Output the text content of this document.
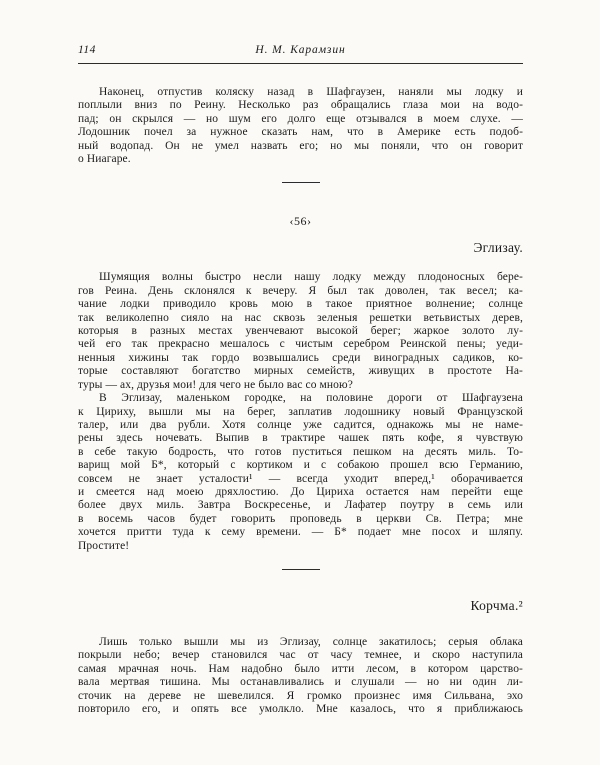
114	Н. М. Карамзин
Наконец, отпустив коляску назад в Шафгаузен, наняли мы лодку и
поплыли вниз по Реину. Несколько раз обращались глаза мои на водо-
пад; он скрылся — но шум его долго еще отзывался в моем слухе. —
Лодошник почел за нужное сказать нам, что в Америке есть подоб-
ный водопад. Он не умел назвать его; но мы поняли, что он говорит
о Ниагаре.
‹56›
Эглизау.
Шумящия волны быстро несли нашу лодку между плодоносных бере-
гов Реина. День склонялся к вечеру. Я был так доволен, так весел; ка-
чание лодки приводило кровь мою в такое приятное волнение; солнце
так великолепно сияло на нас сквозь зеленыя решетки ветьвистых дерев,
которыя в разных местах увенчевают высокой берег; жаркое золото лу-
чей его так прекрасно мешалось с чистым серебром Реинской пены; уеди-
ненныя хижины так гордо возвышались среди виноградных садиков, ко-
торые составляют богатство мирных семейств, живущих в простоте На-
туры — ах, друзья мои! для чего не было вас со мною?
В Эглизау, маленьком городке, на половине дороги от Шафгаузена
к Цириху, вышли мы на берег, заплатив лодошнику новый Французской
талер, или два рубли. Хотя солнце уже садится, однакожь мы не наме-
рены здесь ночевать. Выпив в трактире чашек пять кофе, я чувствую
в себе такую бодрость, что готов пуститься пешком на десять миль. То-
варищ мой Б*, который с кортиком и с собакою прошел всю Германию,
совсем не знает усталости¹ — всегда уходит вперед,¹ оборачивается
и смеется над моею дряхлостию. До Цириха остается нам перейти еще
более двух миль. Завтра Воскресенье, и Лафатер поутру в семь или
в восемь часов будет говорить проповедь в церкви Св. Петра; мне
хочется притти туда к сему времени. — Б* подает мне посох и шляпу.
Простите!
Корчма.²
Лишь только вышли мы из Эглизау, солнце закатилось; серыя облака
покрыли небо; вечер становился час от часу темнее, и скоро наступила
самая мрачная ночь. Нам надобно было итти лесом, в котором царство-
вала мертвая тишина. Мы останавливались и слушали — но ни один ли-
сточик на дереве не шевелился. Я громко произнес имя Сильвана, эхо
повторило его, и опять все умолкло. Мне казалось, что я приближаюсь
